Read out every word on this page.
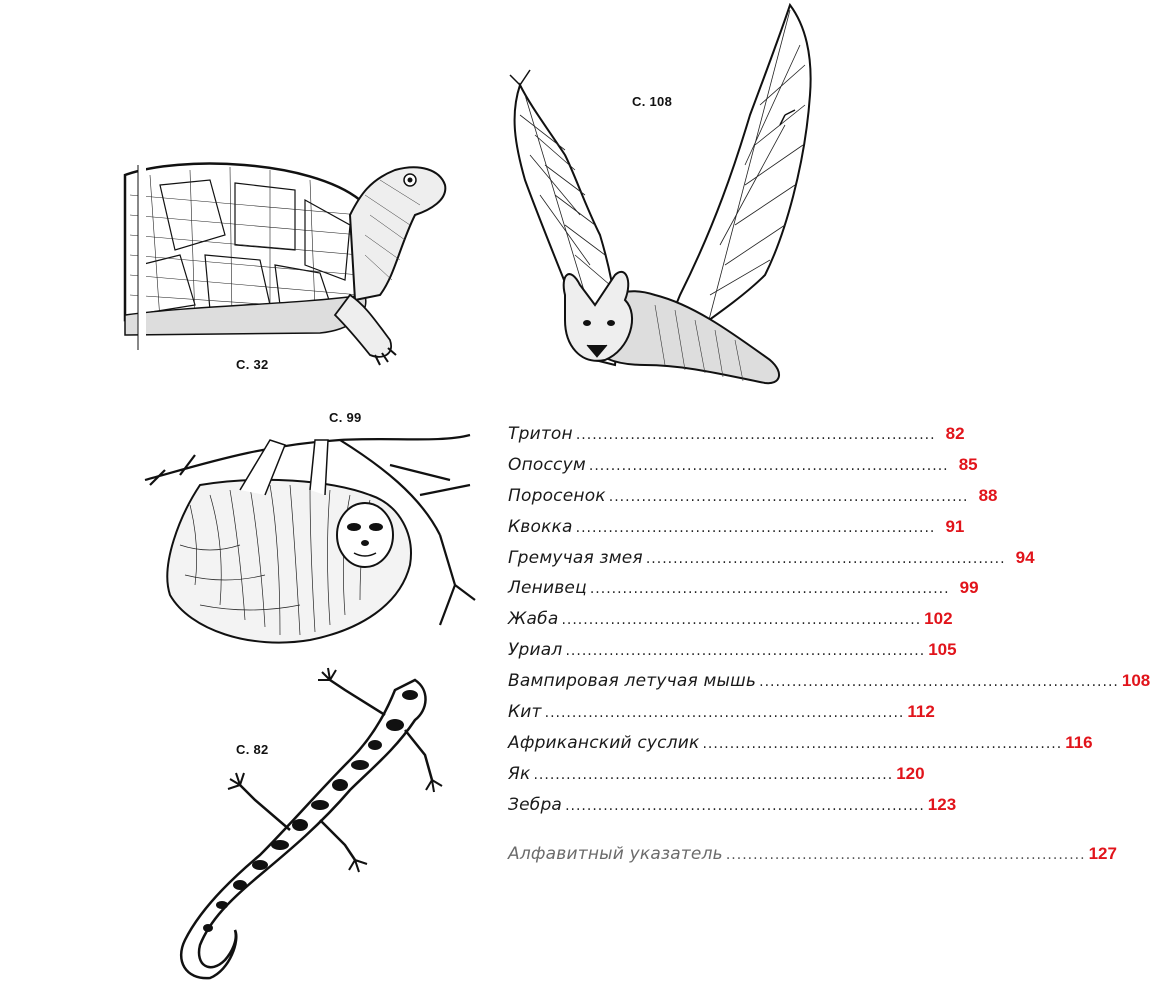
С. 32
С. 108
С. 99
С. 82
Тритон .................................................................. 82
Опоссум .................................................................. 85
Поросенок .................................................................. 88
Квокка .................................................................. 91
Гремучая змея .................................................................. 94
Ленивец .................................................................. 99
Жаба .................................................................. 102
Уриал .................................................................. 105
Вампировая летучая мышь .................................................................. 108
Кит .................................................................. 112
Африканский суслик .................................................................. 116
Як .................................................................. 120
Зебра .................................................................. 123
Алфавитный указатель .................................................................. 127
